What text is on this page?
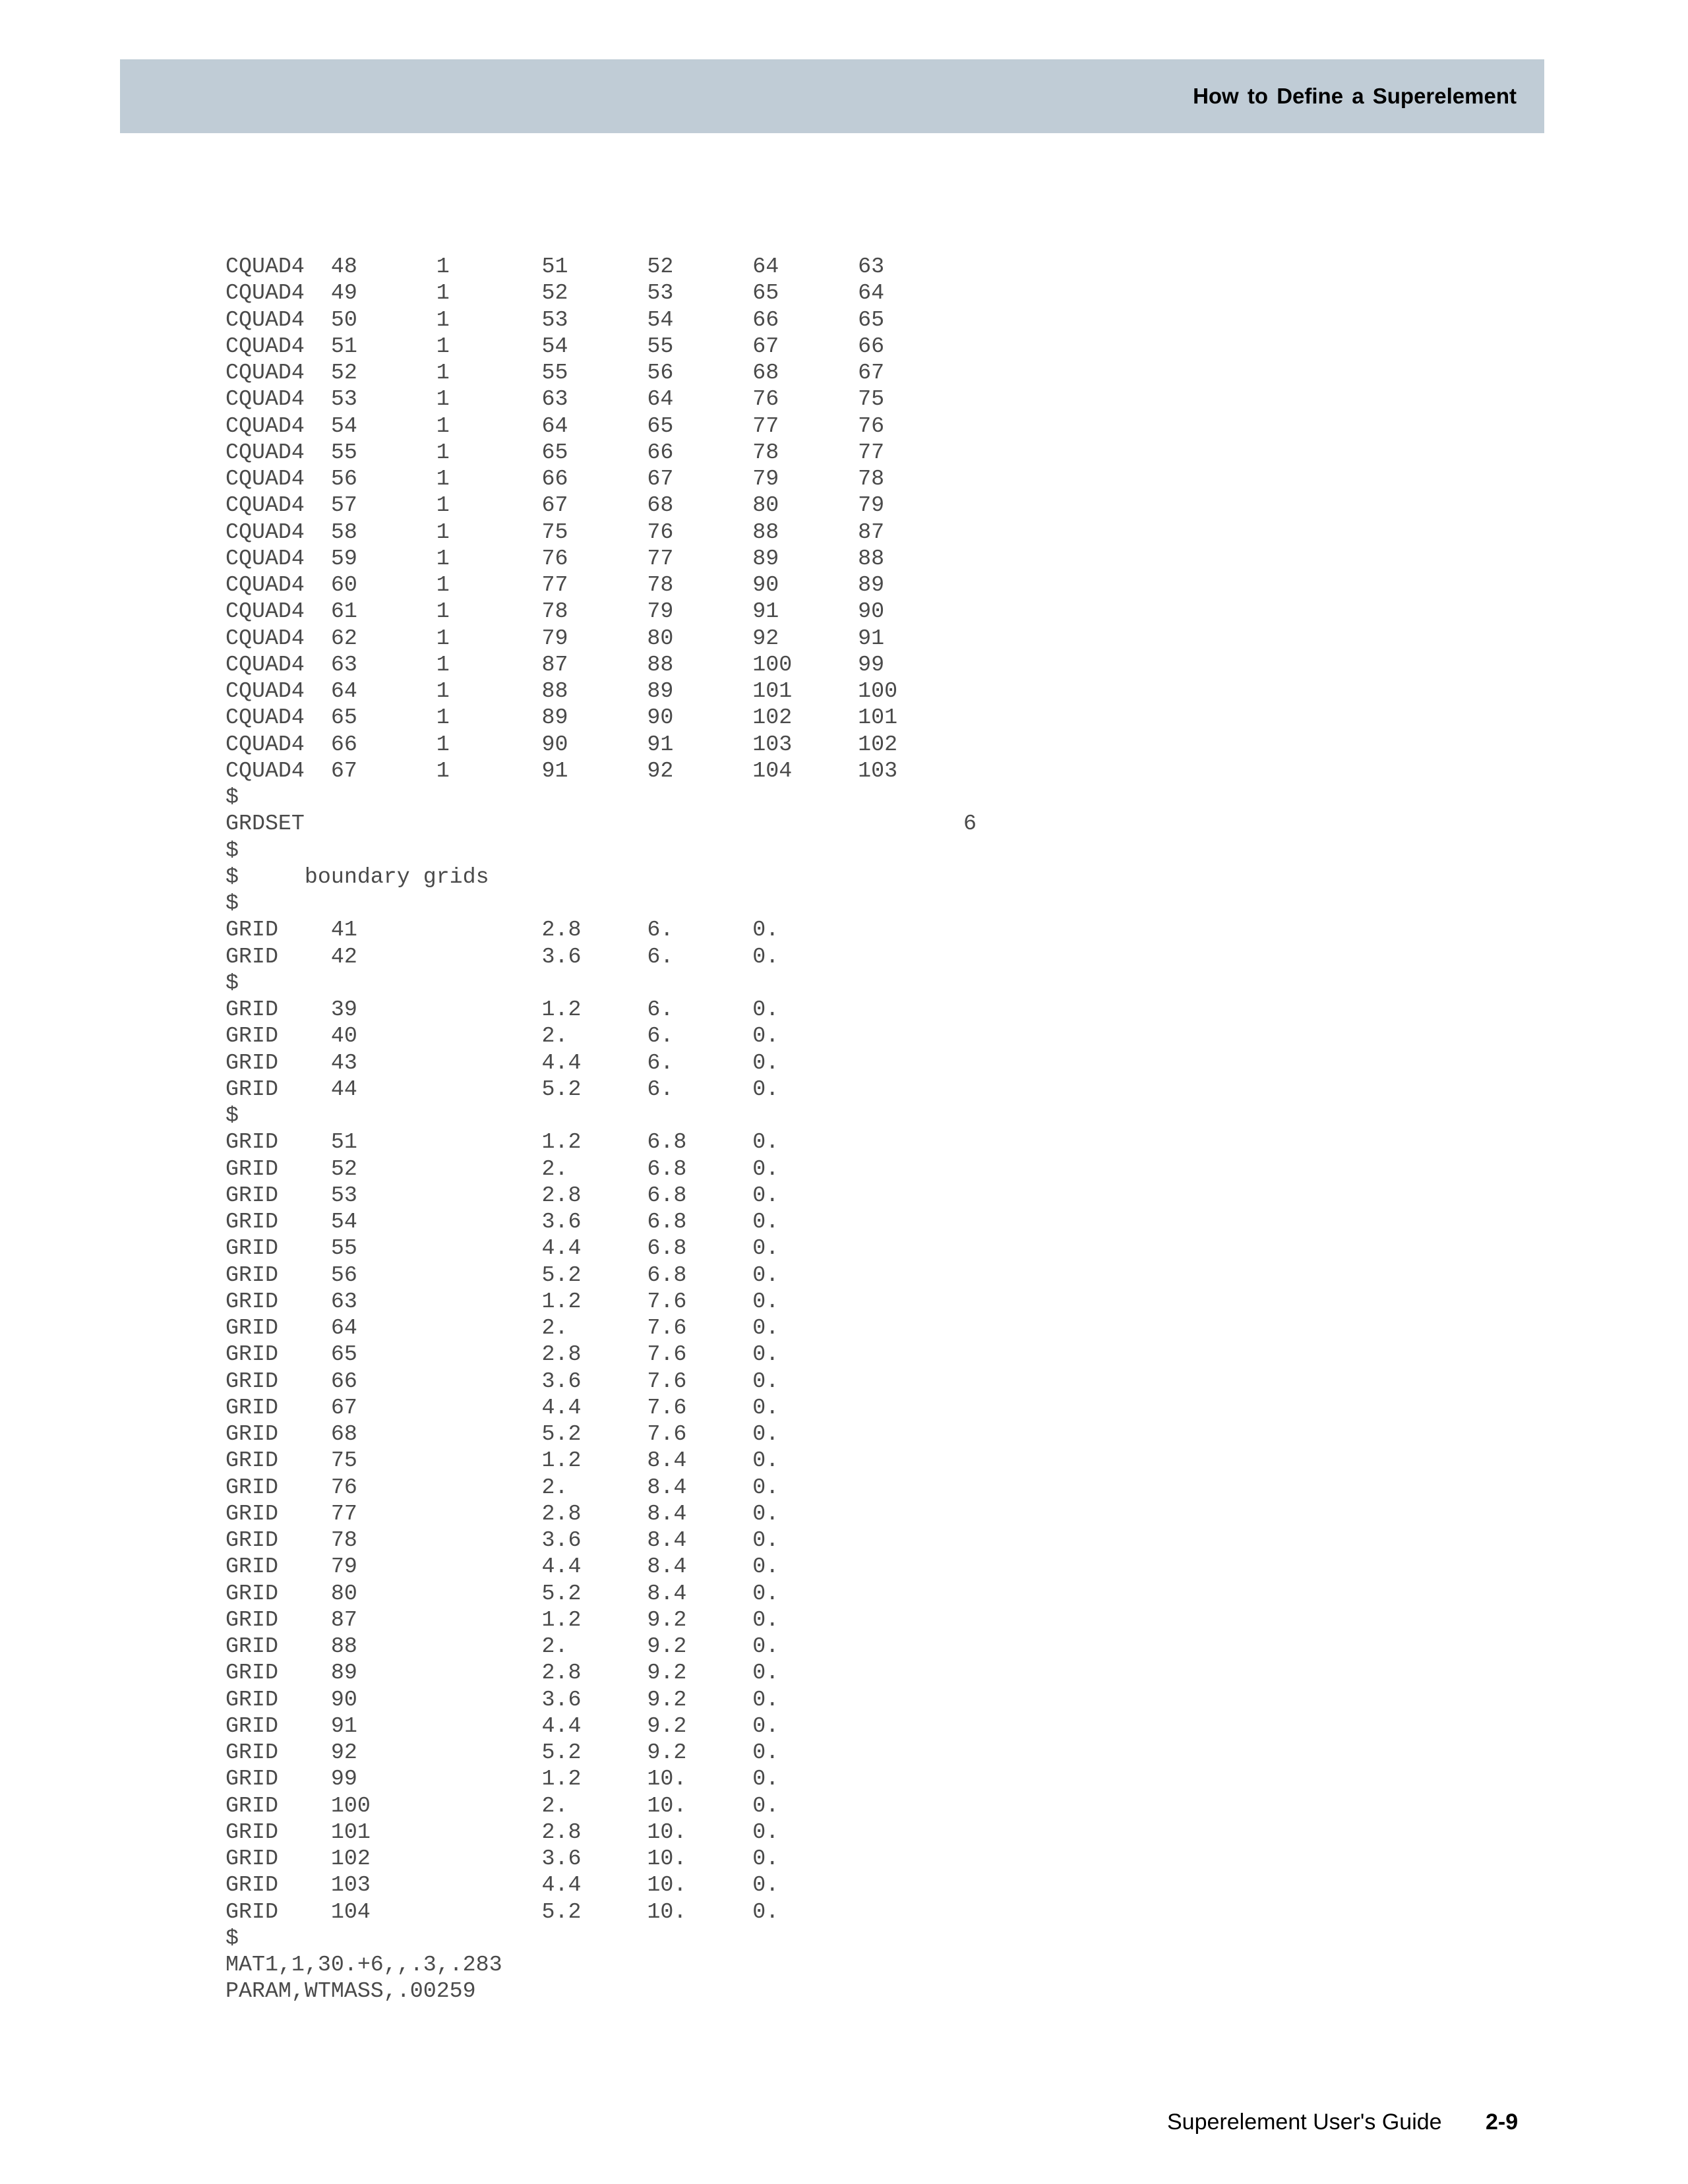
How to Define a Superelement
CQUAD4  48      1       51      52      64      63
CQUAD4  49      1       52      53      65      64
CQUAD4  50      1       53      54      66      65
CQUAD4  51      1       54      55      67      66
CQUAD4  52      1       55      56      68      67
CQUAD4  53      1       63      64      76      75
CQUAD4  54      1       64      65      77      76
CQUAD4  55      1       65      66      78      77
CQUAD4  56      1       66      67      79      78
CQUAD4  57      1       67      68      80      79
CQUAD4  58      1       75      76      88      87
CQUAD4  59      1       76      77      89      88
CQUAD4  60      1       77      78      90      89
CQUAD4  61      1       78      79      91      90
CQUAD4  62      1       79      80      92      91
CQUAD4  63      1       87      88      100     99
CQUAD4  64      1       88      89      101     100
CQUAD4  65      1       89      90      102     101
CQUAD4  66      1       90      91      103     102
CQUAD4  67      1       91      92      104     103
$
GRDSET                                                  6
$
$     boundary grids
$
GRID    41              2.8     6.      0.
GRID    42              3.6     6.      0.
$
GRID    39              1.2     6.      0.
GRID    40              2.      6.      0.
GRID    43              4.4     6.      0.
GRID    44              5.2     6.      0.
$
GRID    51              1.2     6.8     0.
GRID    52              2.      6.8     0.
GRID    53              2.8     6.8     0.
GRID    54              3.6     6.8     0.
GRID    55              4.4     6.8     0.
GRID    56              5.2     6.8     0.
GRID    63              1.2     7.6     0.
GRID    64              2.      7.6     0.
GRID    65              2.8     7.6     0.
GRID    66              3.6     7.6     0.
GRID    67              4.4     7.6     0.
GRID    68              5.2     7.6     0.
GRID    75              1.2     8.4     0.
GRID    76              2.      8.4     0.
GRID    77              2.8     8.4     0.
GRID    78              3.6     8.4     0.
GRID    79              4.4     8.4     0.
GRID    80              5.2     8.4     0.
GRID    87              1.2     9.2     0.
GRID    88              2.      9.2     0.
GRID    89              2.8     9.2     0.
GRID    90              3.6     9.2     0.
GRID    91              4.4     9.2     0.
GRID    92              5.2     9.2     0.
GRID    99              1.2     10.     0.
GRID    100             2.      10.     0.
GRID    101             2.8     10.     0.
GRID    102             3.6     10.     0.
GRID    103             4.4     10.     0.
GRID    104             5.2     10.     0.
$
MAT1,1,30.+6,,.3,.283
PARAM,WTMASS,.00259
Superelement User's Guide 2-9
